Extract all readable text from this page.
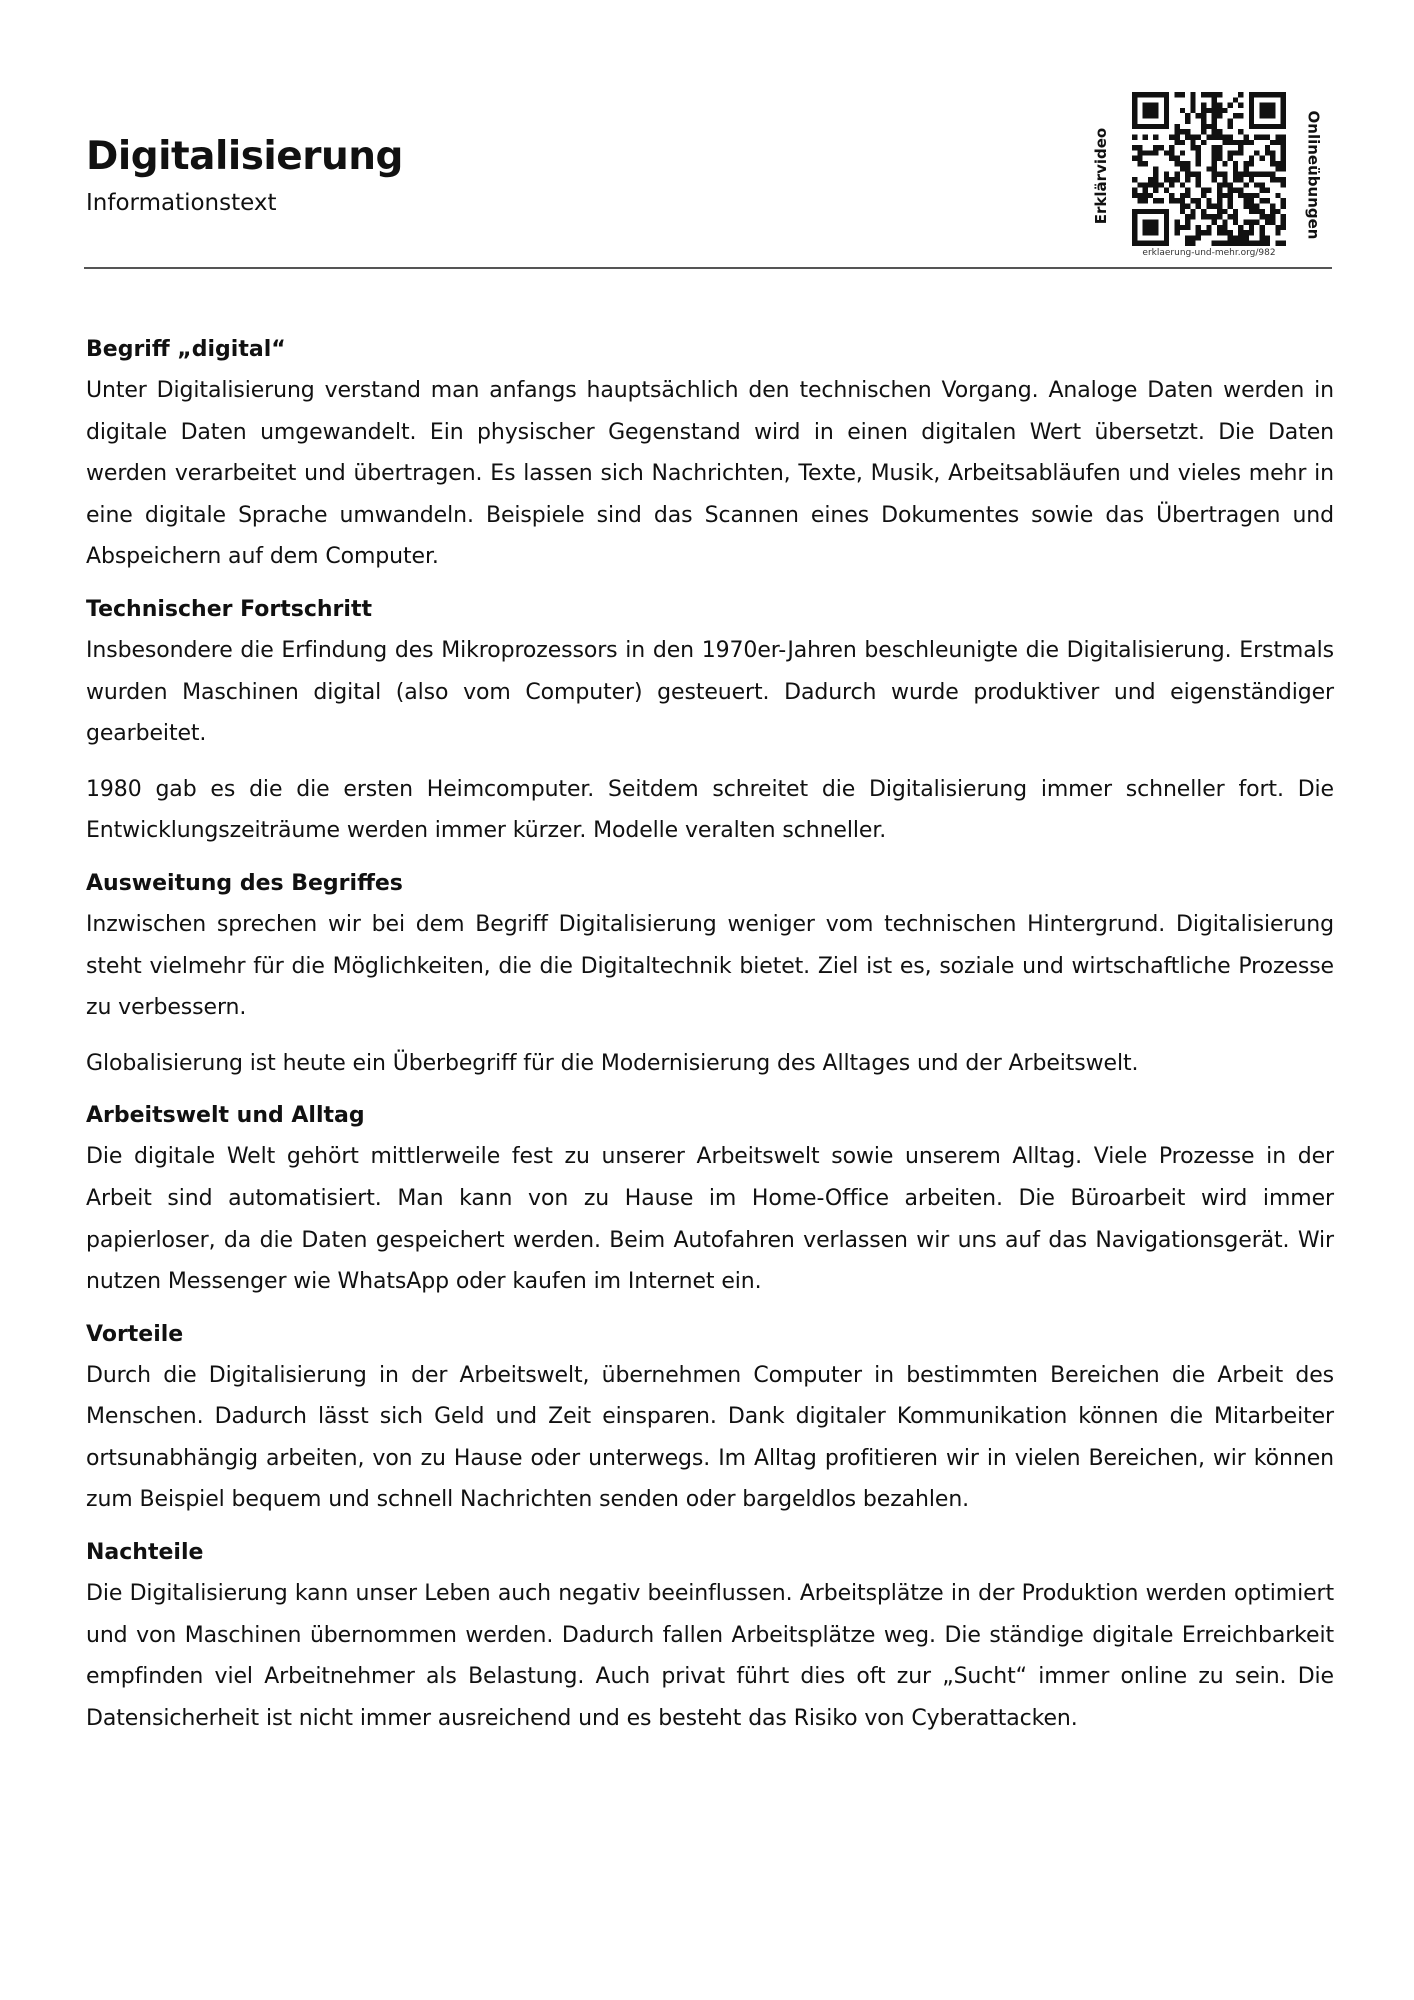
Digitalisierung
Informationstext	Erklärvideo	Onlineübungen
erklaerung-und-mehr.org/982
Begriff „digital“

Unter Digitalisierung verstand man anfangs hauptsächlich den technischen Vorgang. Analoge Daten werden in digitale Daten umgewandelt. Ein physischer Gegenstand wird in einen digitalen Wert übersetzt. Die Daten werden verarbeitet und übertragen. Es lassen sich Nachrichten, Texte, Musik, Arbeitsabläufen und vieles mehr in eine digitale Sprache umwandeln. Beispiele sind das Scannen eines Dokumentes sowie das Übertragen und Abspeichern auf dem Computer.

Technischer Fortschritt

Insbesondere die Erfindung des Mikroprozessors in den 1970er-Jahren beschleunigte die Digitalisierung. Erstmals wurden Maschinen digital (also vom Computer) gesteuert. Dadurch wurde produktiver und eigenständiger gearbeitet.

1980 gab es die die ersten Heimcomputer. Seitdem schreitet die Digitalisierung immer schneller fort. Die Entwicklungszeiträume werden immer kürzer. Modelle veralten schneller.

Ausweitung des Begriffes

Inzwischen sprechen wir bei dem Begriff Digitalisierung weniger vom technischen Hintergrund. Digitalisierung steht vielmehr für die Möglichkeiten, die die Digitaltechnik bietet. Ziel ist es, soziale und wirtschaftliche Prozesse zu verbessern.

Globalisierung ist heute ein Überbegriff für die Modernisierung des Alltages und der Arbeitswelt.

Arbeitswelt und Alltag

Die digitale Welt gehört mittlerweile fest zu unserer Arbeitswelt sowie unserem Alltag. Viele Prozesse in der Arbeit sind automatisiert. Man kann von zu Hause im Home-Office arbeiten. Die Büroarbeit wird immer papierloser, da die Daten gespeichert werden. Beim Autofahren verlassen wir uns auf das Navigationsgerät. Wir nutzen Messenger wie WhatsApp oder kaufen im Internet ein.

Vorteile

Durch die Digitalisierung in der Arbeitswelt, übernehmen Computer in bestimmten Bereichen die Arbeit des Menschen. Dadurch lässt sich Geld und Zeit einsparen. Dank digitaler Kommunikation können die Mitarbeiter ortsunabhängig arbeiten, von zu Hause oder unterwegs. Im Alltag profitieren wir in vielen Bereichen, wir können zum Beispiel bequem und schnell Nachrichten senden oder bargeldlos bezahlen.

Nachteile

Die Digitalisierung kann unser Leben auch negativ beeinflussen. Arbeitsplätze in der Produktion werden optimiert und von Maschinen übernommen werden. Dadurch fallen Arbeitsplätze weg. Die ständige digitale Erreichbarkeit empfinden viel Arbeitnehmer als Belastung. Auch privat führt dies oft zur „Sucht“ immer online zu sein. Die Datensicherheit ist nicht immer ausreichend und es besteht das Risiko von Cyberattacken.
